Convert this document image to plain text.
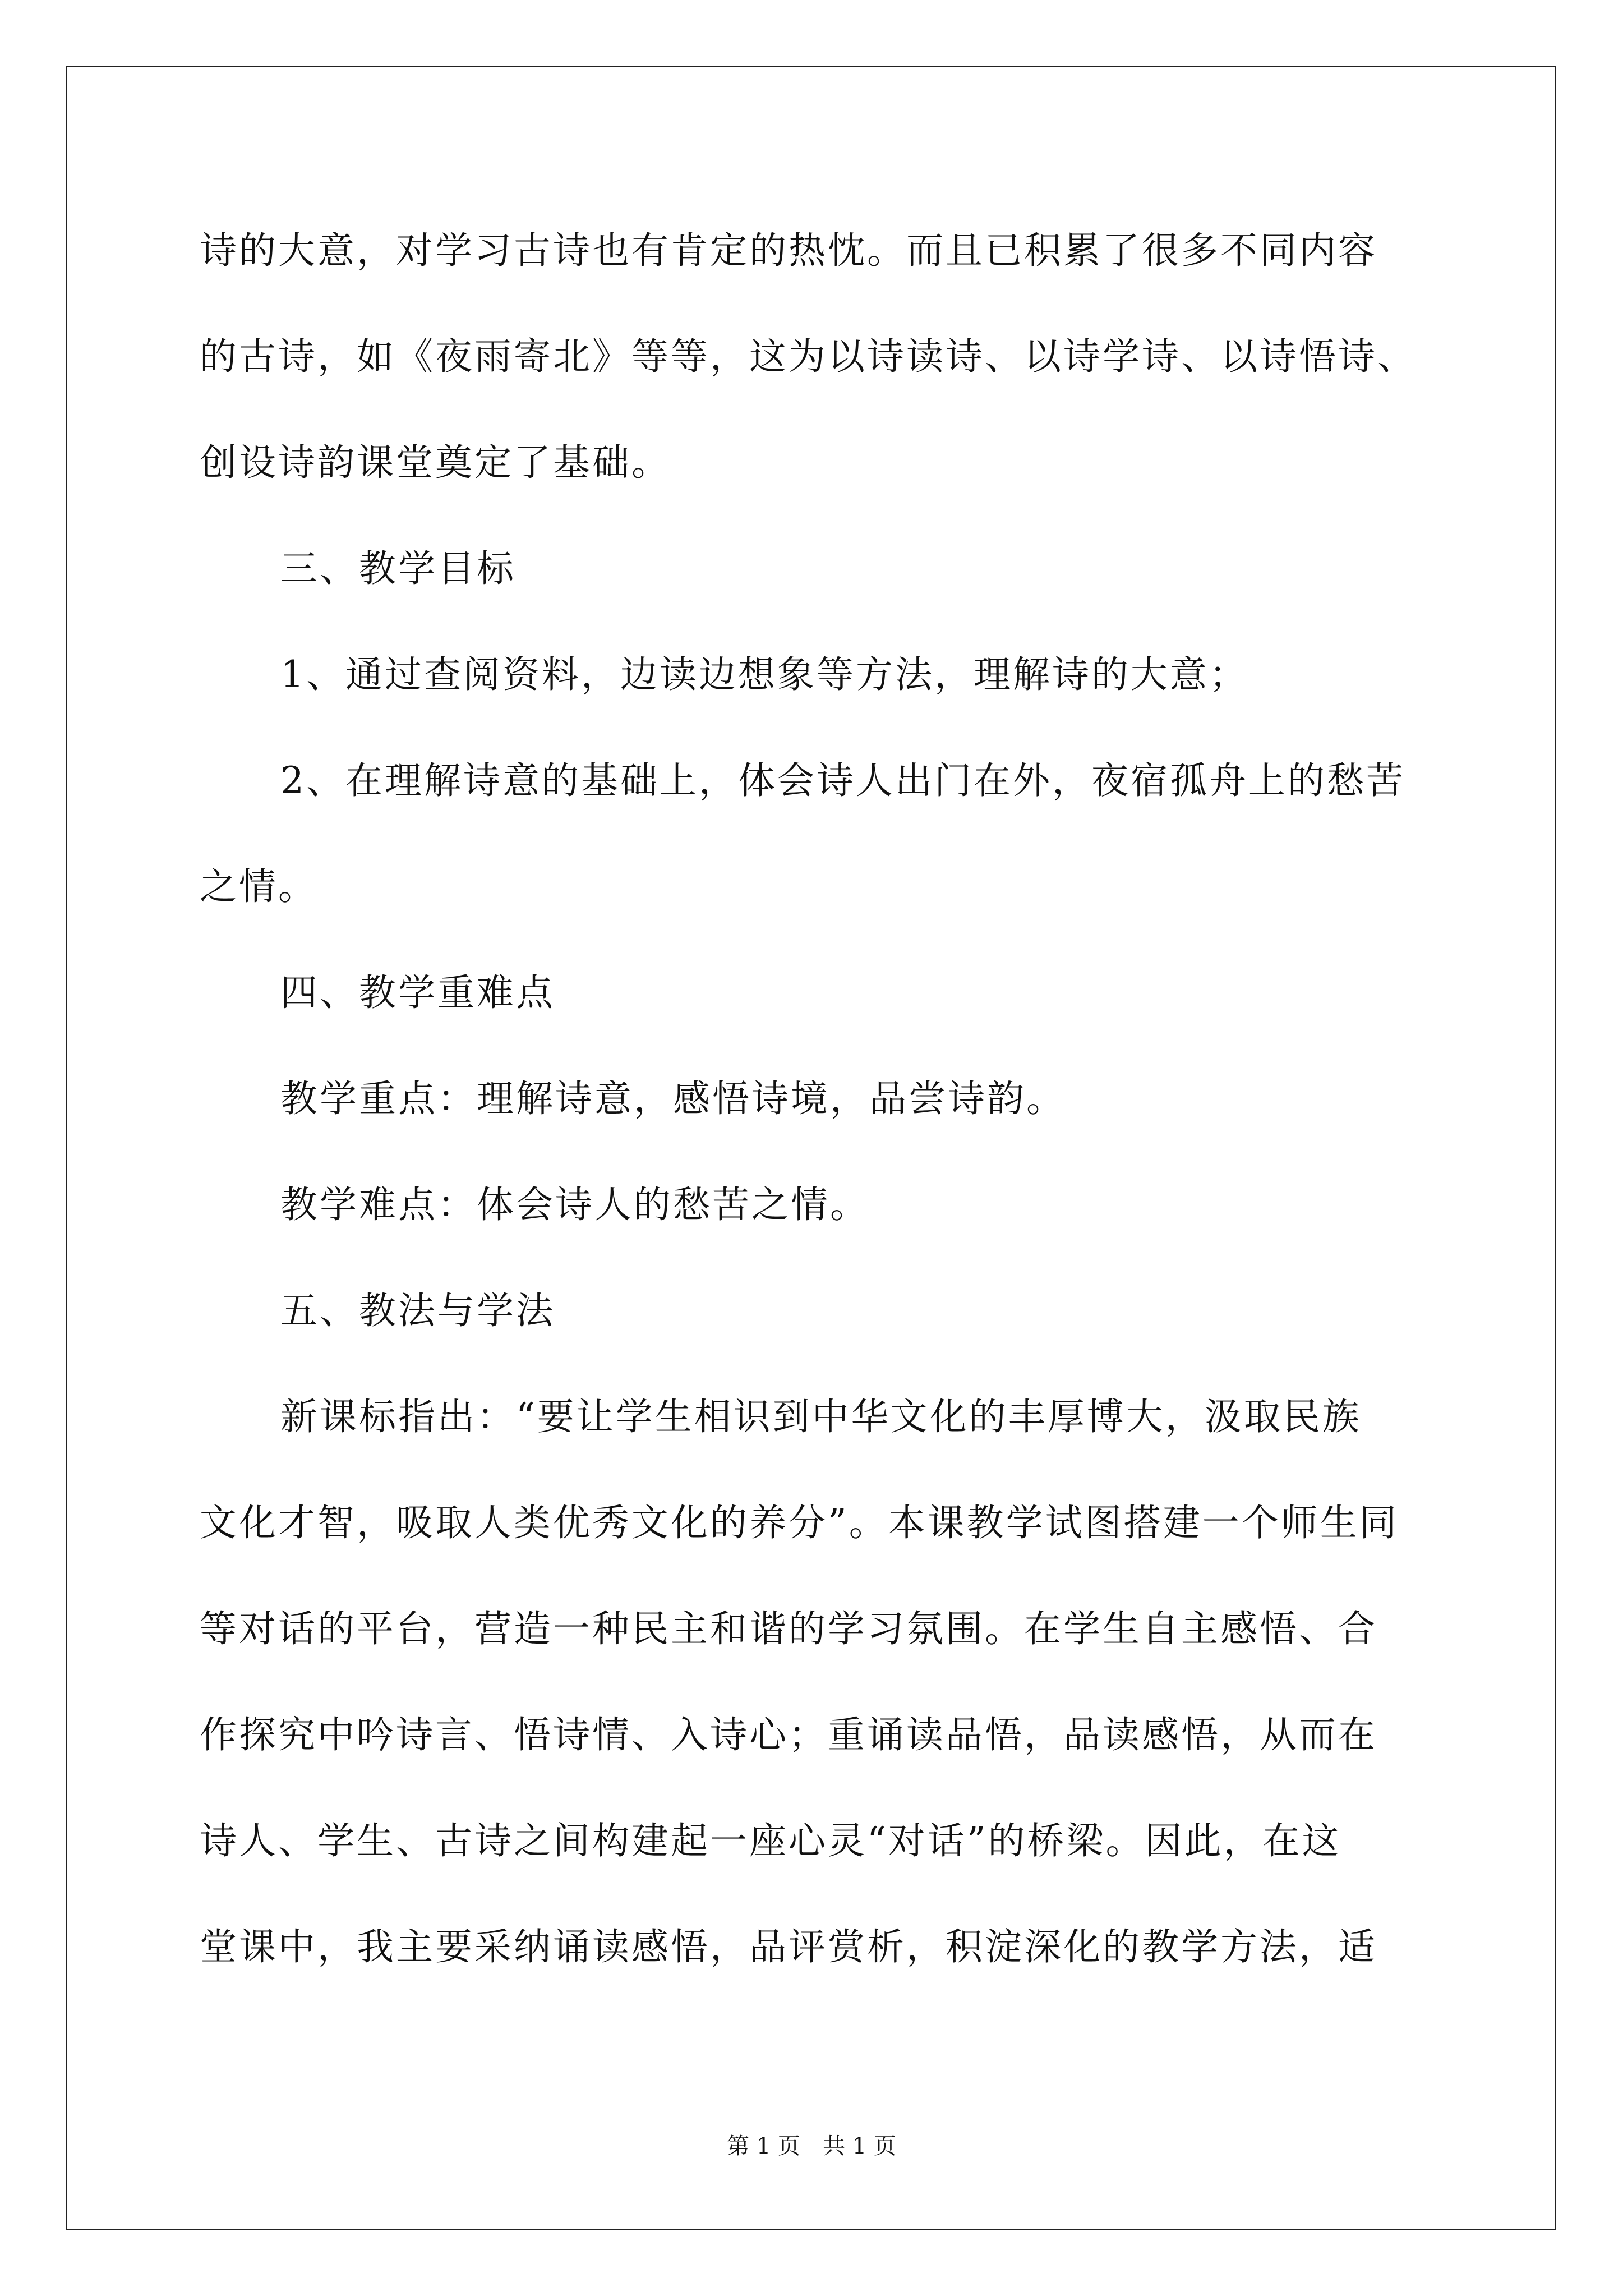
诗的大意，对学习古诗也有肯定的热忱。而且已积累了很多不同内容
的古诗，如《夜雨寄北》等等，这为以诗读诗、以诗学诗、以诗悟诗、
创设诗韵课堂奠定了基础。
三、教学目标
1、通过查阅资料，边读边想象等方法，理解诗的大意；
2、在理解诗意的基础上，体会诗人出门在外，夜宿孤舟上的愁苦
之情。
四、教学重难点
教学重点：理解诗意，感悟诗境，品尝诗韵。
教学难点：体会诗人的愁苦之情。
五、教法与学法
新课标指出：“要让学生相识到中华文化的丰厚博大，汲取民族
文化才智，吸取人类优秀文化的养分”。本课教学试图搭建一个师生同
等对话的平台，营造一种民主和谐的学习氛围。在学生自主感悟、合
作探究中吟诗言、悟诗情、入诗心；重诵读品悟，品读感悟，从而在
诗人、学生、古诗之间构建起一座心灵“对话”的桥梁。因此，在这
堂课中，我主要采纳诵读感悟，品评赏析，积淀深化的教学方法，适
第 1 页　共 1 页
